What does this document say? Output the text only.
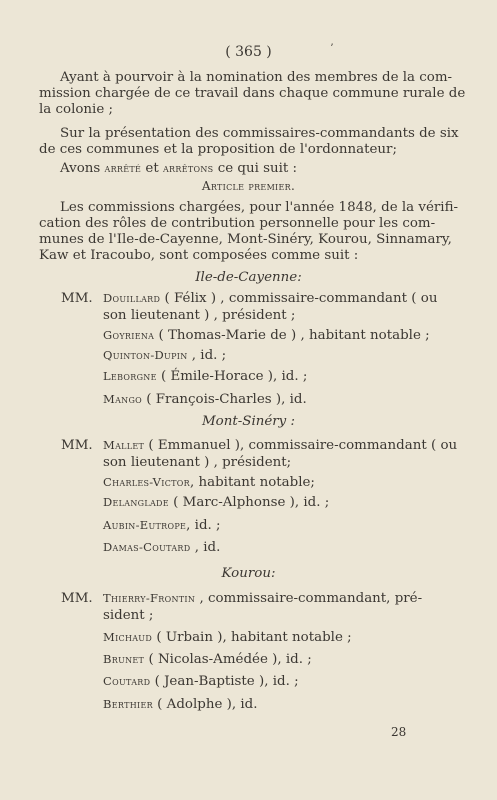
( 365 )	ʼ
Ayant à pourvoir à la nomination des membres de la com-
mission chargée de ce travail dans chaque commune rurale de
la colonie ;
Sur la présentation des commissaires-commandants de six
de ces communes et la proposition de l'ordonnateur;
Avons arrêté et arrêtons ce qui suit :
Article premier.
Les commissions chargées, pour l'année 1848, de la vérifi-
cation des rôles de contribution personnelle pour les com-
munes de l'Ile-de-Cayenne, Mont-Sinéry, Kourou, Sinnamary,
Kaw et Iracoubo, sont composées comme suit :
Ile-de-Cayenne:
MM. Douillard ( Félix ) , commissaire-commandant ( ou
son lieutenant ) , président ;
Goyriena ( Thomas-Marie de ) , habitant notable ;
Quinton-Dupin , id. ;
Leborgne ( Émile-Horace ), id. ;
Mango ( François-Charles ), id.
Mont-Sinéry :
MM. Mallet ( Emmanuel ), commissaire-commandant ( ou
son lieutenant ) , président;
Charles-Victor, habitant notable;
Delanglade ( Marc-Alphonse ), id. ;
Aubin-Eutrope, id. ;
Damas-Coutard , id.
Kourou:
MM. Thierry-Frontin , commissaire-commandant, pré-
sident ;
Michaud ( Urbain ), habitant notable ;
Brunet ( Nicolas-Amédée ), id. ;
Coutard ( Jean-Baptiste ), id. ;
Berthier ( Adolphe ), id.
28
